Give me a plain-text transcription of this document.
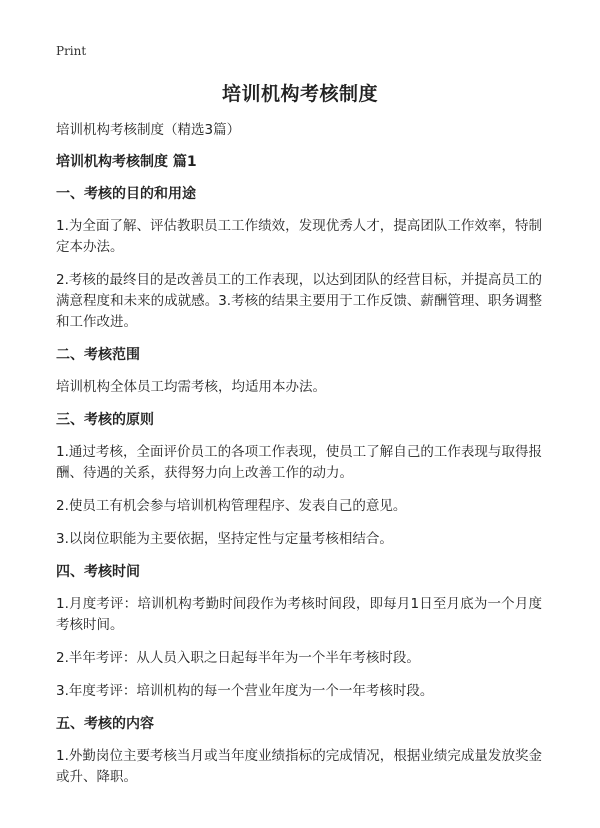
Print
培训机构考核制度
培训机构考核制度（精选3篇）
培训机构考核制度 篇1
一、考核的目的和用途

1.为全面了解、评估教职员工工作绩效，发现优秀人才，提高团队工作效率，特制定本办法。

2.考核的最终目的是改善员工的工作表现，以达到团队的经营目标，并提高员工的满意程度和未来的成就感。3.考核的结果主要用于工作反馈、薪酬管理、职务调整和工作改进。

二、考核范围

培训机构全体员工均需考核，均适用本办法。

三、考核的原则

1.通过考核，全面评价员工的各项工作表现，使员工了解自己的工作表现与取得报酬、待遇的关系，获得努力向上改善工作的动力。

2.使员工有机会参与培训机构管理程序、发表自己的意见。

3.以岗位职能为主要依据，坚持定性与定量考核相结合。

四、考核时间

1.月度考评：培训机构考勤时间段作为考核时间段，即每月1日至月底为一个月度考核时间。

2.半年考评：从人员入职之日起每半年为一个半年考核时段。

3.年度考评：培训机构的每一个营业年度为一个一年考核时段。

五、考核的内容

1.外勤岗位主要考核当月或当年度业绩指标的完成情况，根据业绩完成量发放奖金或升、降职。
